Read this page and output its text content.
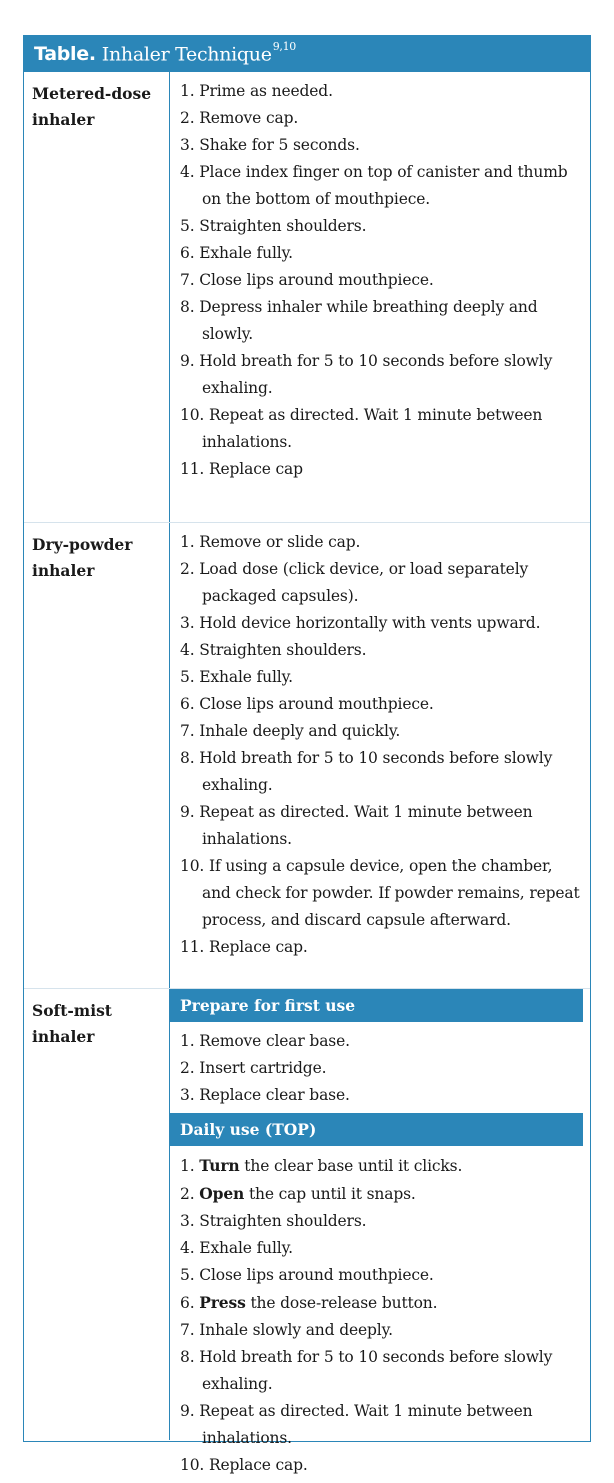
Table. Inhaler Technique$^{9,10}$
Metered-dose
inhaler
1. Prime as needed.
2. Remove cap.
3. Shake for 5 seconds.
4. Place index finger on top of canister and thumb on the bottom of mouthpiece.
5. Straighten shoulders.
6. Exhale fully.
7. Close lips around mouthpiece.
8. Depress inhaler while breathing deeply and slowly.
9. Hold breath for 5 to 10 seconds before slowly exhaling.
10. Repeat as directed. Wait 1 minute between inhalations.
11. Replace cap
Dry-powder
inhaler
1. Remove or slide cap.
2. Load dose (click device, or load separately packaged capsules).
3. Hold device horizontally with vents upward.
4. Straighten shoulders.
5. Exhale fully.
6. Close lips around mouthpiece.
7. Inhale deeply and quickly.
8. Hold breath for 5 to 10 seconds before slowly exhaling.
9. Repeat as directed. Wait 1 minute between inhalations.
10. If using a capsule device, open the chamber, and check for powder. If powder remains, repeat process, and discard capsule afterward.
11. Replace cap.
Soft-mist
inhaler
Prepare for first use
1. Remove clear base.
2. Insert cartridge.
3. Replace clear base.
Daily use (TOP)
1. Turn the clear base until it clicks.
2. Open the cap until it snaps.
3. Straighten shoulders.
4. Exhale fully.
5. Close lips around mouthpiece.
6. Press the dose-release button.
7. Inhale slowly and deeply.
8. Hold breath for 5 to 10 seconds before slowly exhaling.
9. Repeat as directed. Wait 1 minute between inhalations.
10. Replace cap.
